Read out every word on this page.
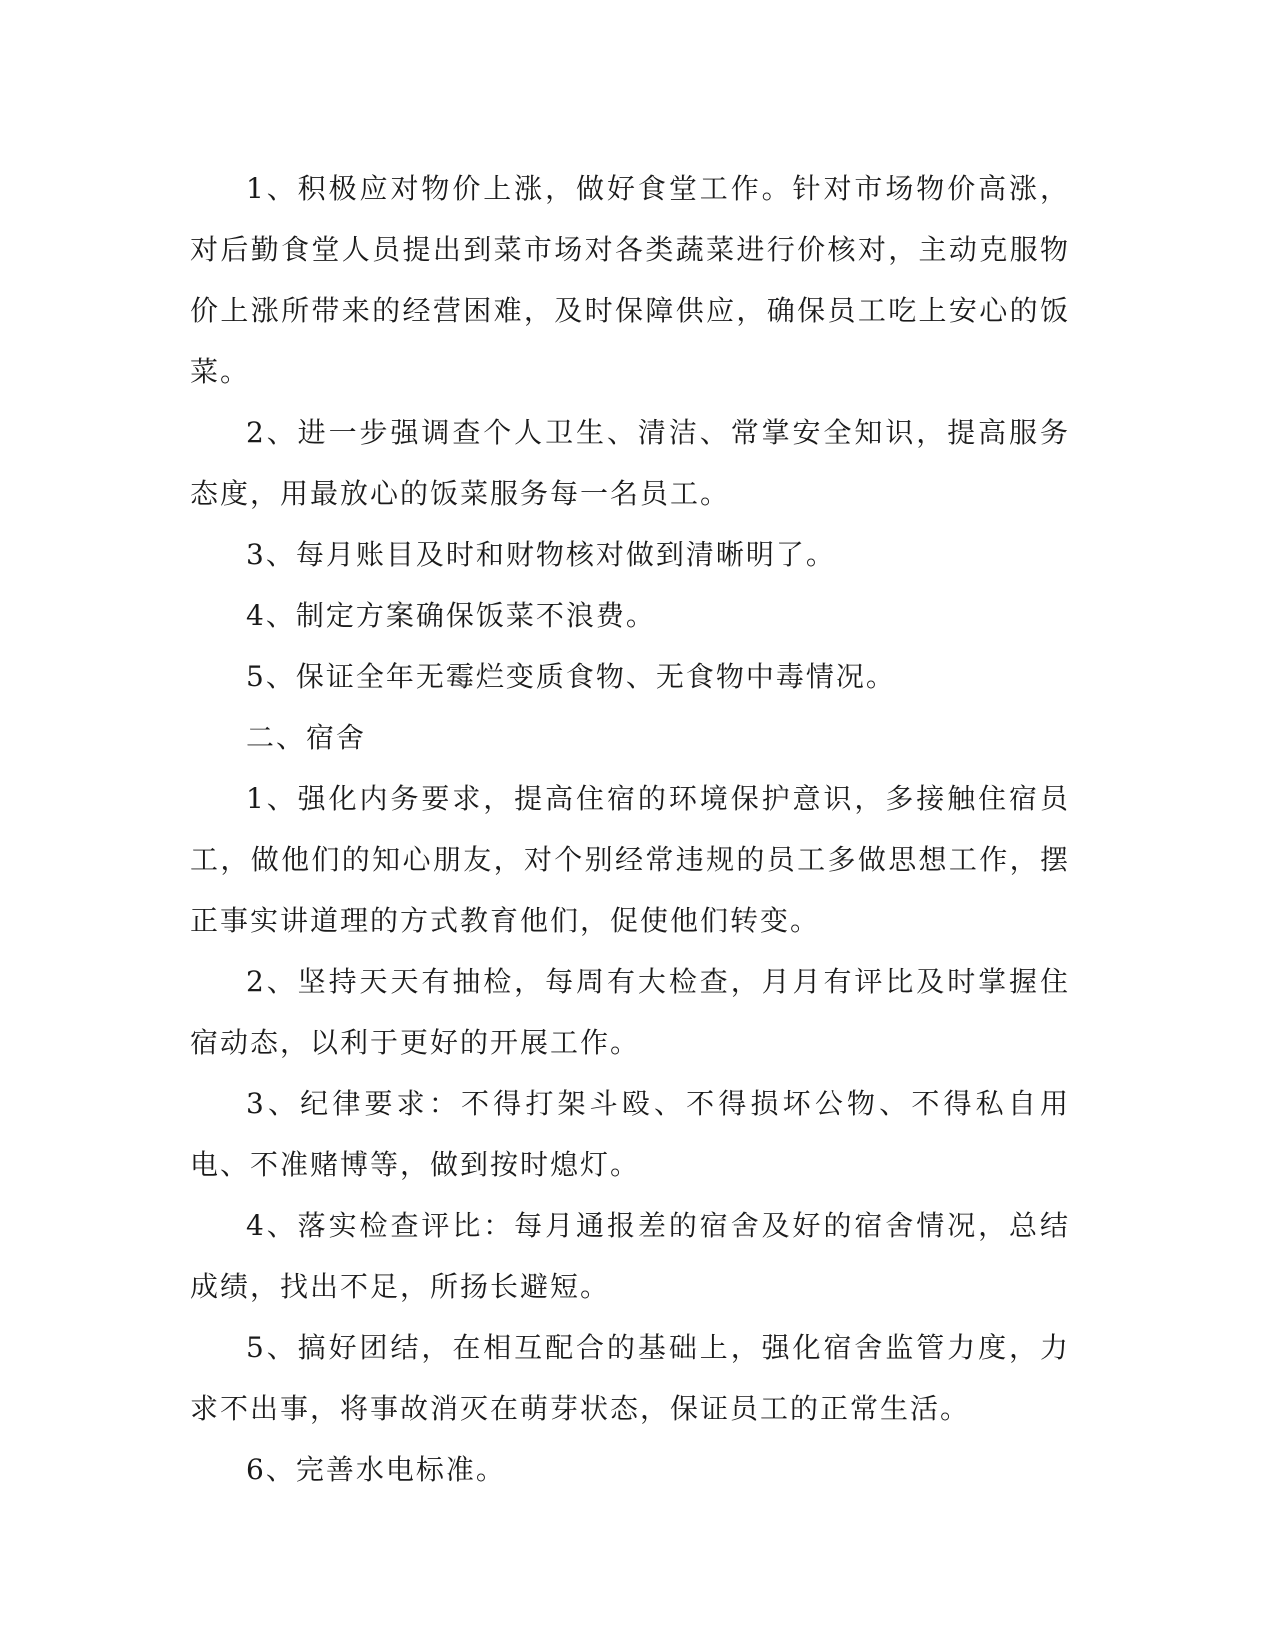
1、积极应对物价上涨，做好食堂工作。针对市场物价高涨，对后勤食堂人员提出到菜市场对各类蔬菜进行价核对，主动克服物价上涨所带来的经营困难，及时保障供应，确保员工吃上安心的饭菜。

2、进一步强调查个人卫生、清洁、常掌安全知识，提高服务态度，用最放心的饭菜服务每一名员工。

3、每月账目及时和财物核对做到清晰明了。

4、制定方案确保饭菜不浪费。

5、保证全年无霉烂变质食物、无食物中毒情况。

二、宿舍

1、强化内务要求，提高住宿的环境保护意识，多接触住宿员工，做他们的知心朋友，对个别经常违规的员工多做思想工作，摆正事实讲道理的方式教育他们，促使他们转变。

2、坚持天天有抽检，每周有大检查，月月有评比及时掌握住宿动态，以利于更好的开展工作。

3、纪律要求：不得打架斗殴、不得损坏公物、不得私自用电、不准赌博等，做到按时熄灯。

4、落实检查评比：每月通报差的宿舍及好的宿舍情况，总结成绩，找出不足，所扬长避短。

5、搞好团结，在相互配合的基础上，强化宿舍监管力度，力求不出事，将事故消灭在萌芽状态，保证员工的正常生活。

6、完善水电标准。
